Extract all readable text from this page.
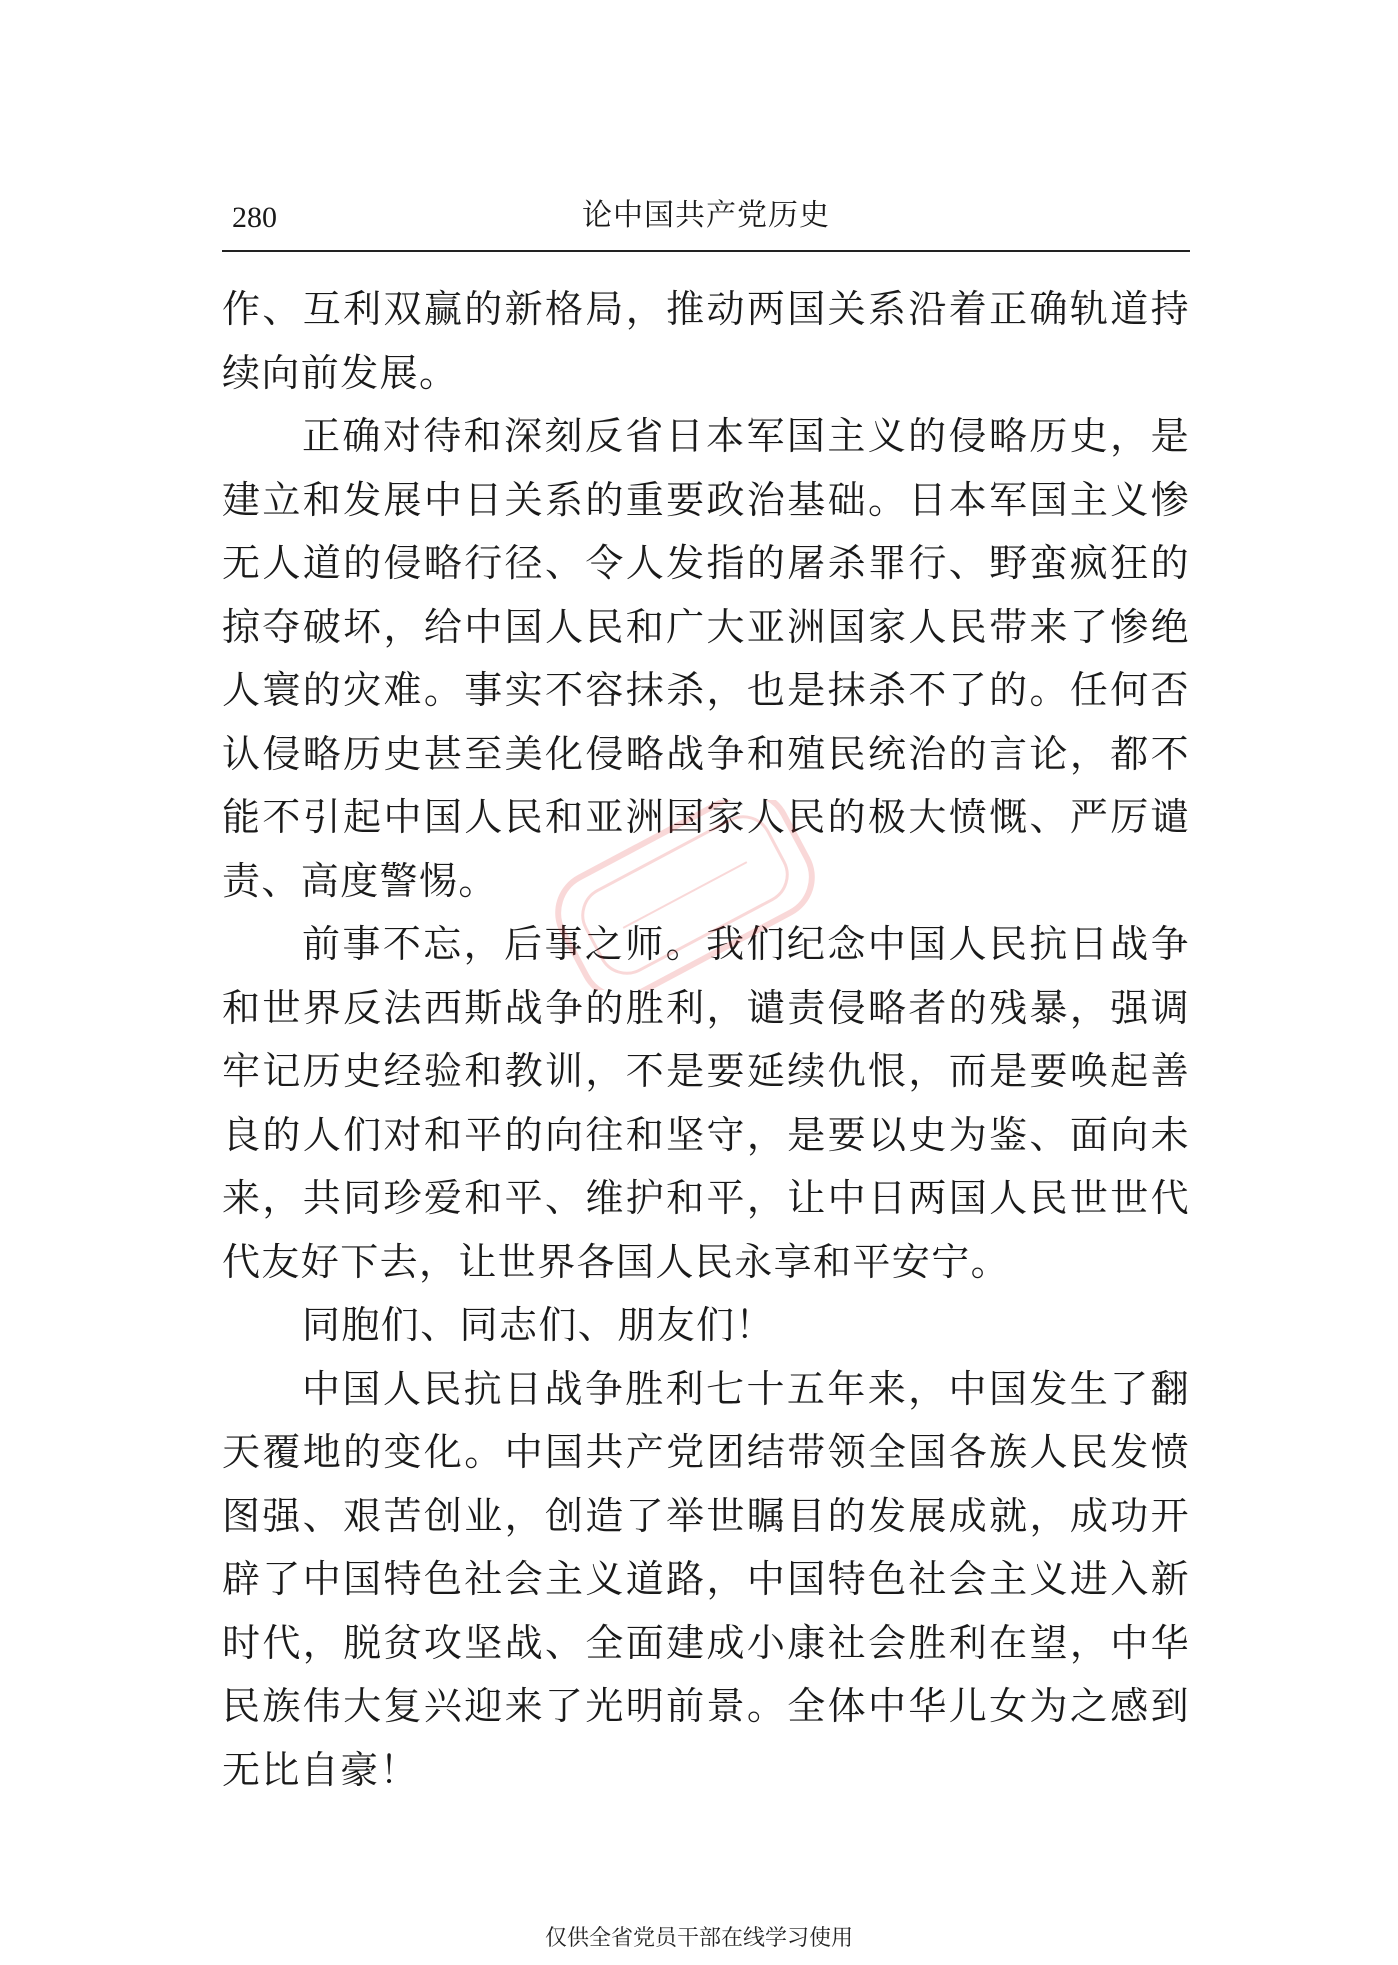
280	论中国共产党历史

作、互利双赢的新格局，推动两国关系沿着正确轨道持续向前发展。

正确对待和深刻反省日本军国主义的侵略历史，是建立和发展中日关系的重要政治基础。日本军国主义惨无人道的侵略行径、令人发指的屠杀罪行、野蛮疯狂的掠夺破坏，给中国人民和广大亚洲国家人民带来了惨绝人寰的灾难。事实不容抹杀，也是抹杀不了的。任何否认侵略历史甚至美化侵略战争和殖民统治的言论，都不能不引起中国人民和亚洲国家人民的极大愤慨、严厉谴责、高度警惕。

前事不忘，后事之师。我们纪念中国人民抗日战争和世界反法西斯战争的胜利，谴责侵略者的残暴，强调牢记历史经验和教训，不是要延续仇恨，而是要唤起善良的人们对和平的向往和坚守，是要以史为鉴、面向未来，共同珍爱和平、维护和平，让中日两国人民世世代代友好下去，让世界各国人民永享和平安宁。

同胞们、同志们、朋友们！

中国人民抗日战争胜利七十五年来，中国发生了翻天覆地的变化。中国共产党团结带领全国各族人民发愤图强、艰苦创业，创造了举世瞩目的发展成就，成功开辟了中国特色社会主义道路，中国特色社会主义进入新时代，脱贫攻坚战、全面建成小康社会胜利在望，中华民族伟大复兴迎来了光明前景。全体中华儿女为之感到无比自豪！

仅供全省党员干部在线学习使用
